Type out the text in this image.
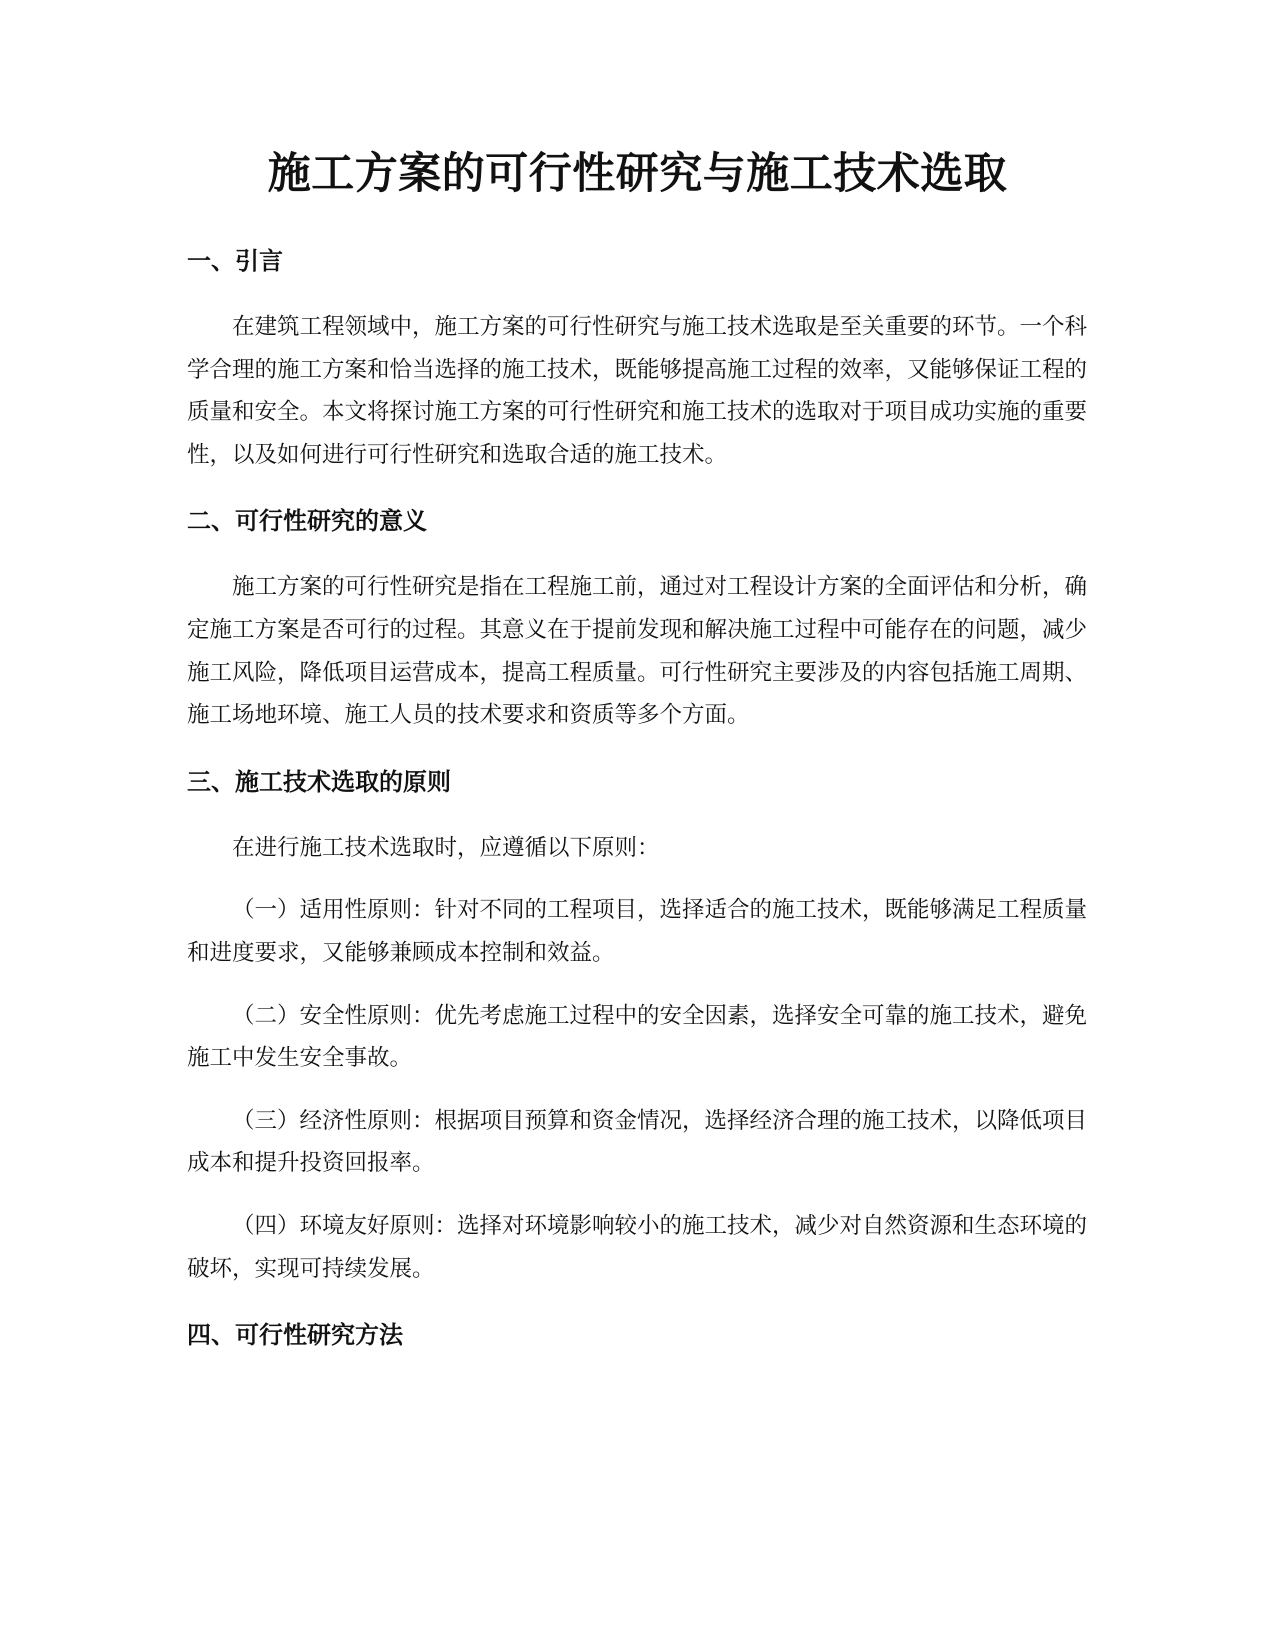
施工方案的可行性研究与施工技术选取
一、引言

在建筑工程领域中，施工方案的可行性研究与施工技术选取是至关重要的环节。一个科学合理的施工方案和恰当选择的施工技术，既能够提高施工过程的效率，又能够保证工程的质量和安全。本文将探讨施工方案的可行性研究和施工技术的选取对于项目成功实施的重要性，以及如何进行可行性研究和选取合适的施工技术。

二、可行性研究的意义

施工方案的可行性研究是指在工程施工前，通过对工程设计方案的全面评估和分析，确定施工方案是否可行的过程。其意义在于提前发现和解决施工过程中可能存在的问题，减少施工风险，降低项目运营成本，提高工程质量。可行性研究主要涉及的内容包括施工周期、施工场地环境、施工人员的技术要求和资质等多个方面。

三、施工技术选取的原则

在进行施工技术选取时，应遵循以下原则：

（一）适用性原则：针对不同的工程项目，选择适合的施工技术，既能够满足工程质量和进度要求，又能够兼顾成本控制和效益。

（二）安全性原则：优先考虑施工过程中的安全因素，选择安全可靠的施工技术，避免施工中发生安全事故。

（三）经济性原则：根据项目预算和资金情况，选择经济合理的施工技术，以降低项目成本和提升投资回报率。

（四）环境友好原则：选择对环境影响较小的施工技术，减少对自然资源和生态环境的破坏，实现可持续发展。

四、可行性研究方法
